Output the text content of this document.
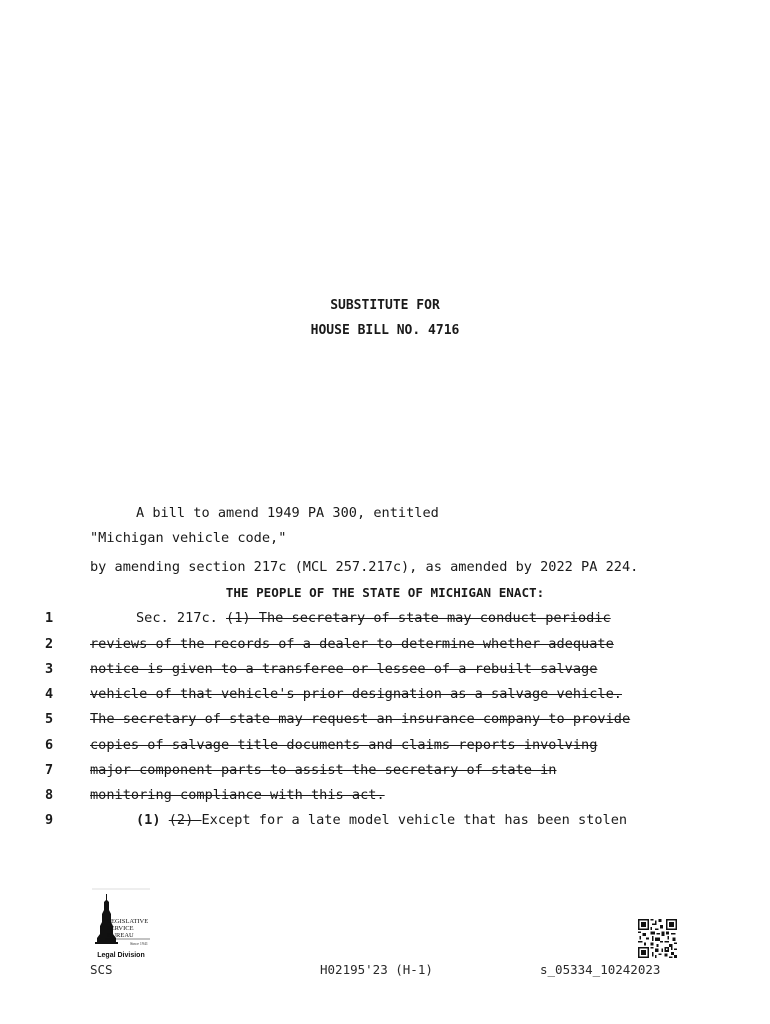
SUBSTITUTE FOR
HOUSE BILL NO. 4716
A bill to amend 1949 PA 300, entitled
"Michigan vehicle code,"
by amending section 217c (MCL 257.217c), as amended by 2022 PA 224.
THE PEOPLE OF THE STATE OF MICHIGAN ENACT:
1	Sec. 217c. (1) The secretary of state may conduct periodic
2	reviews of the records of a dealer to determine whether adequate
3	notice is given to a transferee or lessee of a rebuilt salvage
4	vehicle of that vehicle's prior designation as a salvage vehicle.
5	The secretary of state may request an insurance company to provide
6	copies of salvage title documents and claims reports involving
7	major component parts to assist the secretary of state in
8	monitoring compliance with this act.
9	(1) (2) Except for a late model vehicle that has been stolen
LEGISLATIVE
SERVICE
BUREAU
Since 1941
Legal Division
SCS	H02195'23 (H-1)	s_05334_10242023
